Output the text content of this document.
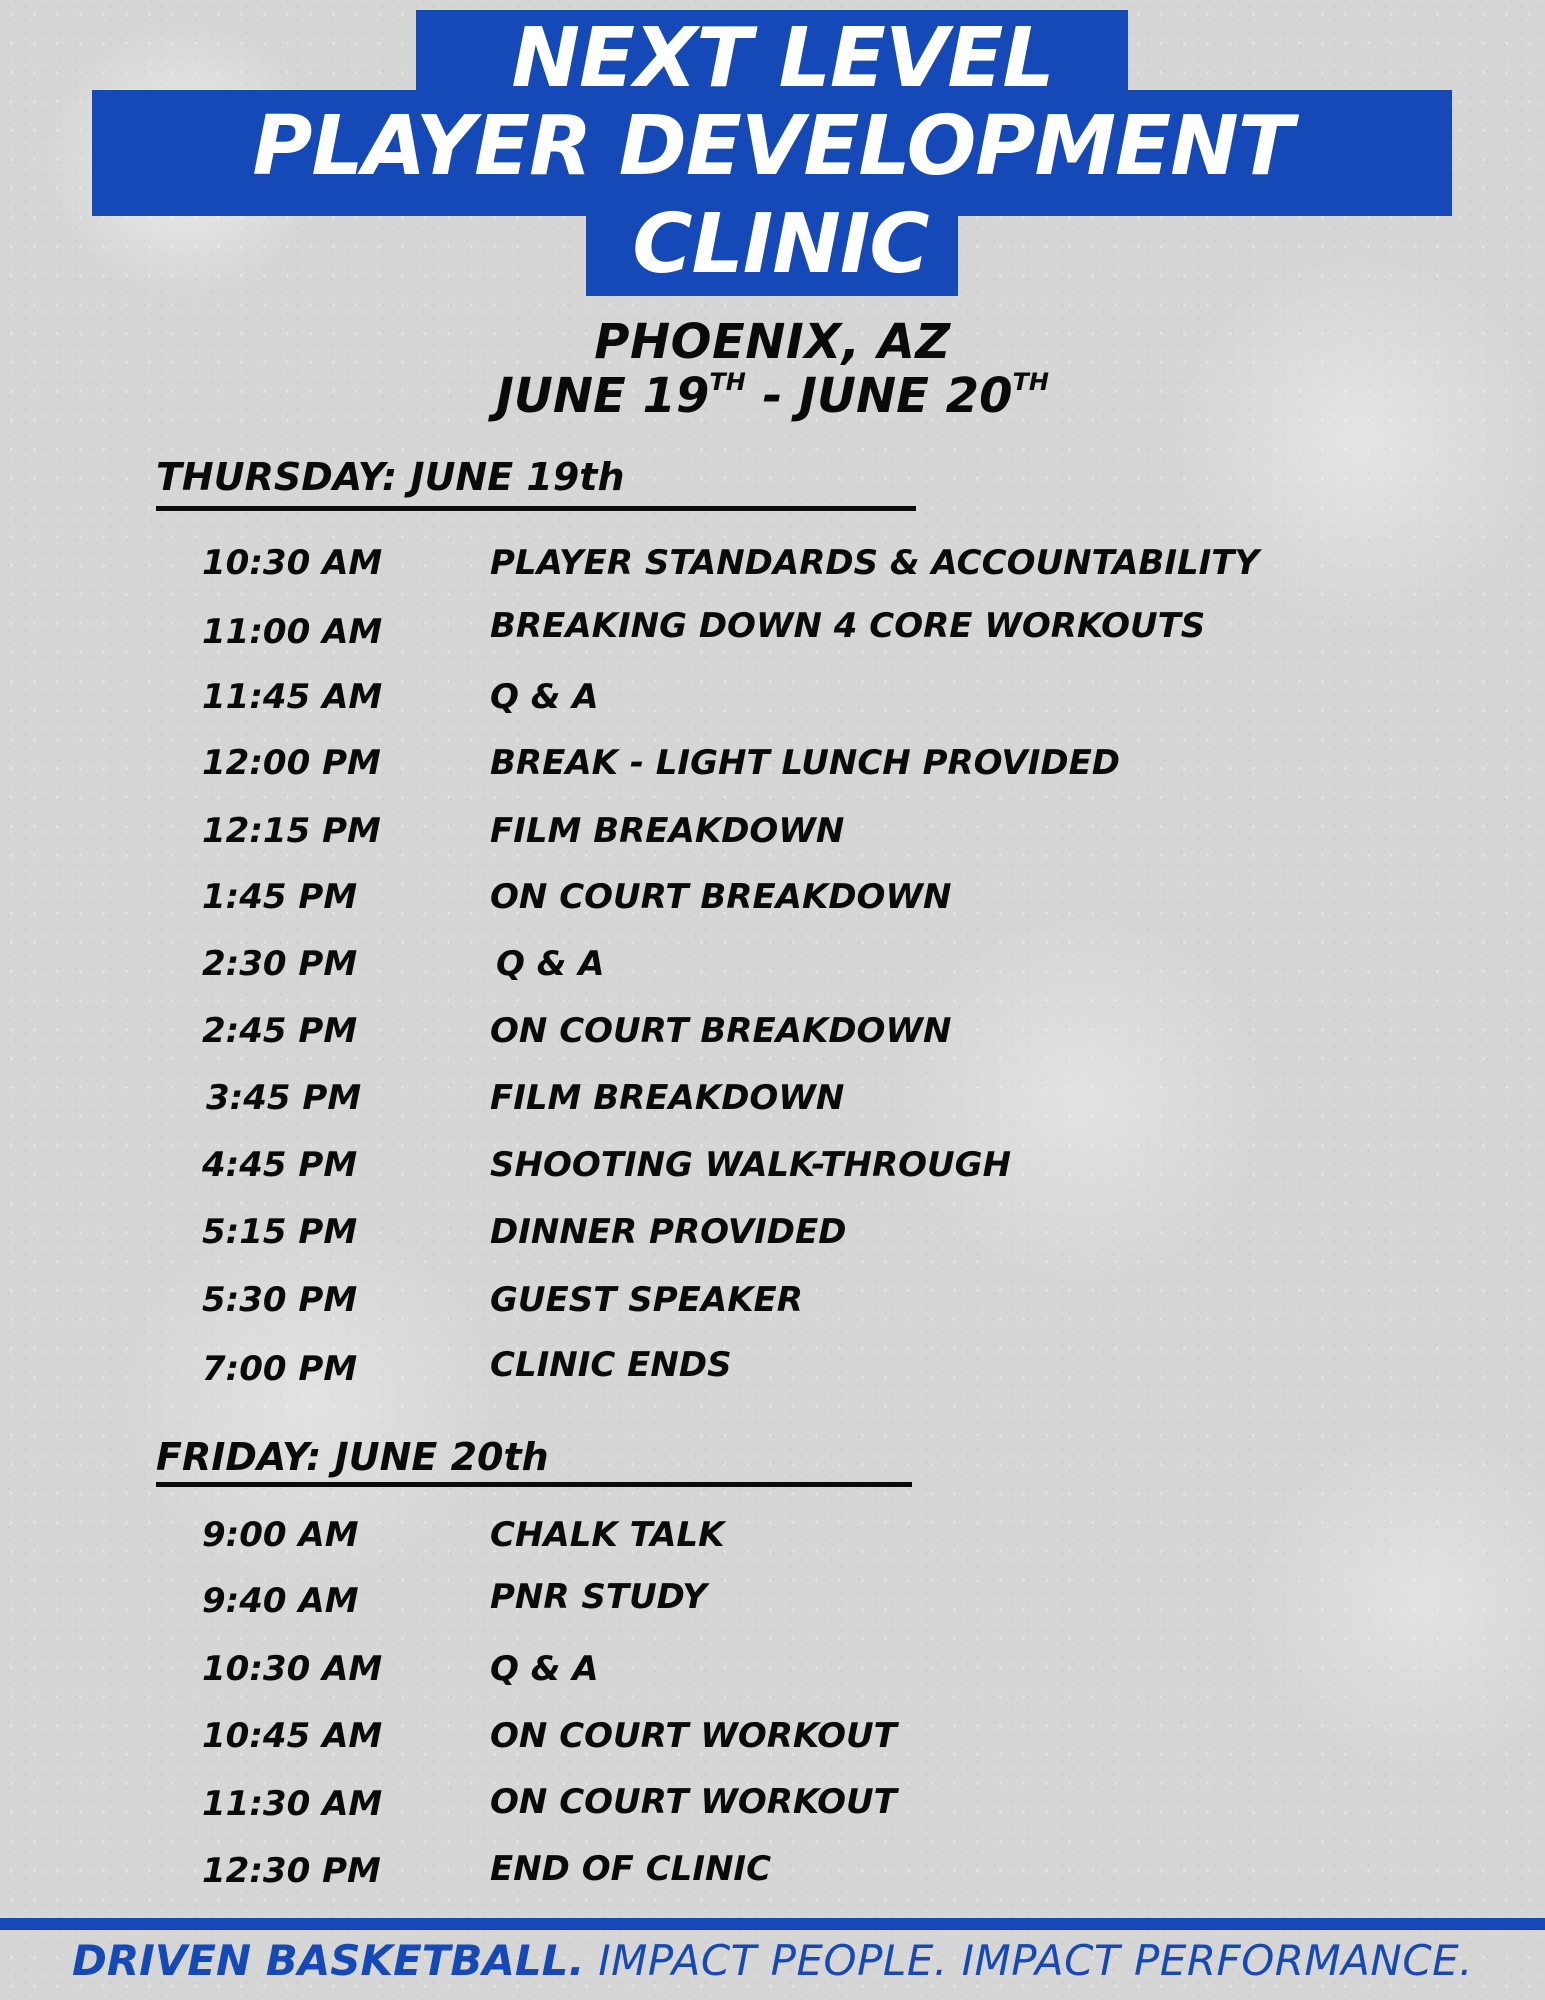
NEXT LEVEL
PLAYER DEVELOPMENT
CLINIC
PHOENIX, AZ
JUNE 19TH - JUNE 20TH
THURSDAY: JUNE 19th
10:30 AM	PLAYER STANDARDS & ACCOUNTABILITY
11:00 AM	BREAKING DOWN 4 CORE WORKOUTS
11:45 AM	Q & A
12:00 PM	BREAK - LIGHT LUNCH PROVIDED
12:15 PM	FILM BREAKDOWN
1:45 PM	ON COURT BREAKDOWN
2:30 PM	Q & A
2:45 PM	ON COURT BREAKDOWN
3:45 PM	FILM BREAKDOWN
4:45 PM	SHOOTING WALK-THROUGH
5:15 PM	DINNER PROVIDED
5:30 PM	GUEST SPEAKER
7:00 PM	CLINIC ENDS
FRIDAY: JUNE 20th
9:00 AM	CHALK TALK
9:40 AM	PNR STUDY
10:30 AM	Q & A
10:45 AM	ON COURT WORKOUT
11:30 AM	ON COURT WORKOUT
12:30 PM	END OF CLINIC
DRIVEN BASKETBALL. IMPACT PEOPLE. IMPACT PERFORMANCE.
